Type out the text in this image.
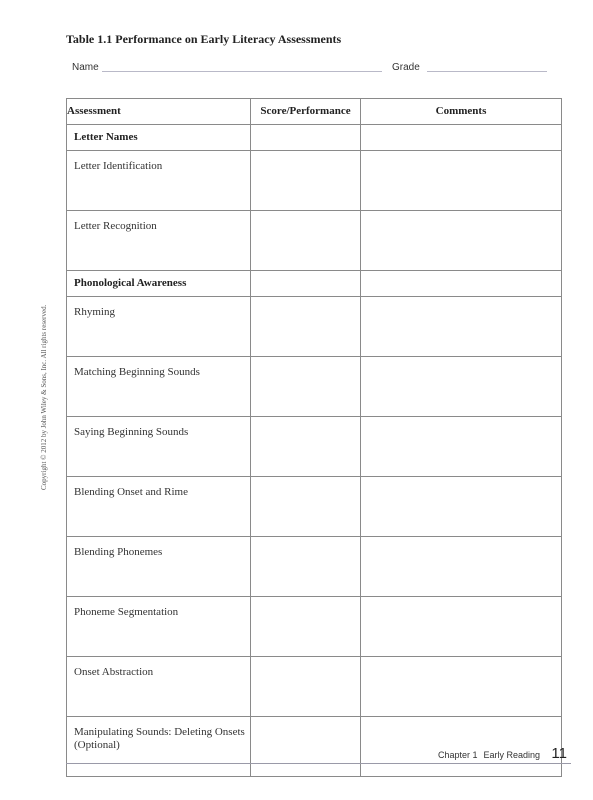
Table 1.1 Performance on Early Literacy Assessments
Name	Grade
Assessment	Score/Performance	Comments
Letter Names		
Letter Identification		
Letter Recognition		
Phonological Awareness		
Rhyming		
Matching Beginning Sounds		
Saying Beginning Sounds		
Blending Onset and Rime		
Blending Phonemes		
Phoneme Segmentation		
Onset Abstraction		
Manipulating Sounds: Deleting Onsets (Optional)		
Copyright © 2012 by John Wiley & Sons, Inc. All rights reserved.
Chapter 1 Early Reading 11
